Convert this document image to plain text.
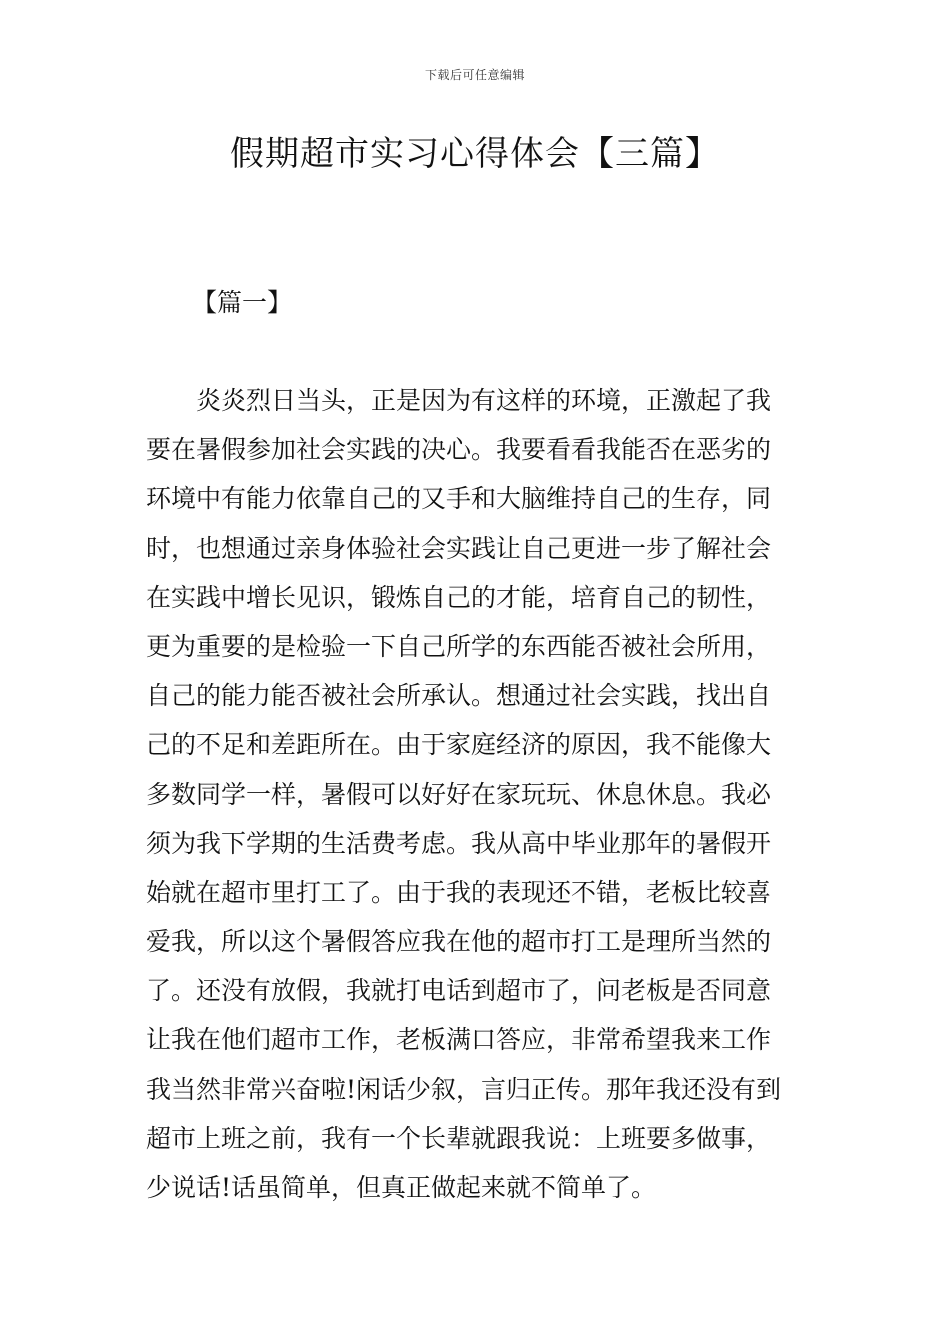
下载后可任意编辑
假期超市实习心得体会【三篇】
【篇一】
炎炎烈日当头，正是因为有这样的环境，正激起了我
要在暑假参加社会实践的决心。我要看看我能否在恶劣的
环境中有能力依靠自己的又手和大脑维持自己的生存，同
时，也想通过亲身体验社会实践让自己更进一步了解社会
在实践中增长见识，锻炼自己的才能，培育自己的韧性，
更为重要的是检验一下自己所学的东西能否被社会所用，
自己的能力能否被社会所承认。想通过社会实践，找出自
己的不足和差距所在。由于家庭经济的原因，我不能像大
多数同学一样，暑假可以好好在家玩玩、休息休息。我必
须为我下学期的生活费考虑。我从高中毕业那年的暑假开
始就在超市里打工了。由于我的表现还不错，老板比较喜
爱我，所以这个暑假答应我在他的超市打工是理所当然的
了。还没有放假，我就打电话到超市了，问老板是否同意
让我在他们超市工作，老板满口答应，非常希望我来工作
我当然非常兴奋啦!闲话少叙，言归正传。那年我还没有到
超市上班之前，我有一个长辈就跟我说：上班要多做事，
少说话!话虽简单，但真正做起来就不简单了。
